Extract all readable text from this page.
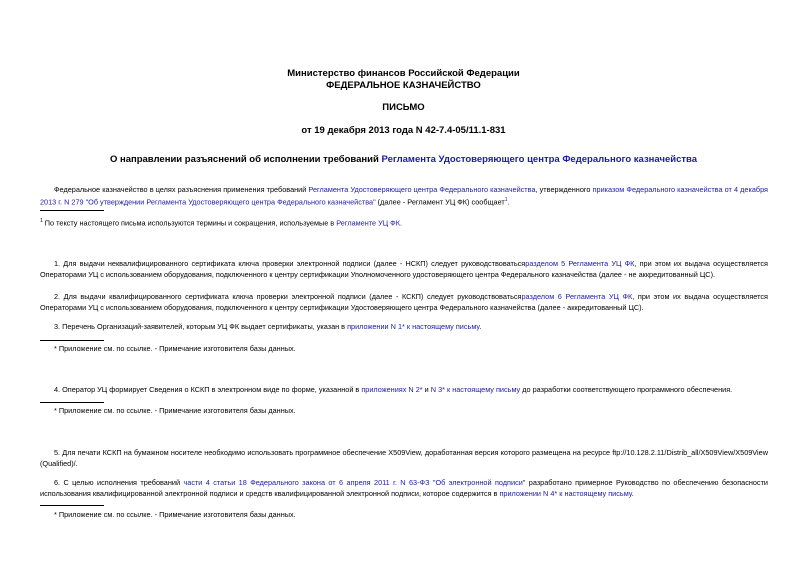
Министерство финансов Российской Федерации
ФЕДЕРАЛЬНОЕ КАЗНАЧЕЙСТВО
ПИСЬМО
от 19 декабря 2013 года N 42-7.4-05/11.1-831
О направлении разъяснений об исполнении требований Регламента Удостоверяющего центра Федерального казначейства
Федеральное казначейство в целях разъяснения применения требований Регламента Удостоверяющего центра Федерального казначейства, утвержденного приказом Федерального казначейства от 4 декабря 2013 г. N 279 "Об утверждении Регламента Удостоверяющего центра Федерального казначейства" (далее - Регламент УЦ ФК) сообщает$^1$.
$^1$ По тексту настоящего письма используются термины и сокращения, используемые в Регламенте УЦ ФК.
1. Для выдачи неквалифицированного сертификата ключа проверки электронной подписи (далее - НСКП) следует руководствоватьсяразделом 5 Регламента УЦ ФК, при этом их выдача осуществляется Операторами УЦ с использованием оборудования, подключенного к центру сертификации Уполномоченного удостоверяющего центра Федерального казначейства (далее - не аккредитованный ЦС).
2. Для выдачи квалифицированного сертификата ключа проверки электронной подписи (далее - КСКП) следует руководствоватьсяразделом 6 Регламента УЦ ФК, при этом их выдача осуществляется Операторами УЦ с использованием оборудования, подключенного к центру сертификации Удостоверяющего центра Федерального казначейства (далее - аккредитованный ЦС).
3. Перечень Организаций-заявителей, которым УЦ ФК выдает сертификаты, указан в приложении N 1* к настоящему письму.
* Приложение см. по ссылке. - Примечание изготовителя базы данных.
4. Оператор УЦ формирует Сведения о КСКП в электронном виде по форме, указанной в приложениях N 2* и N 3* к настоящему письму до разработки соответствующего программного обеспечения.
* Приложение см. по ссылке. - Примечание изготовителя базы данных.
5. Для печати КСКП на бумажном носителе необходимо использовать программное обеспечение X509View, доработанная версия которого размещена на ресурсе ftp://10.128.2.11/Distrib_all/X509View/X509View (Qualified)/.
6. С целью исполнения требований части 4 статьи 18 Федерального закона от 6 апреля 2011 г. N 63-ФЗ "Об электронной подписи" разработано примерное Руководство по обеспечению безопасности использования квалифицированной электронной подписи и средств квалифицированной электронной подписи, которое содержится в приложении N 4* к настоящему письму.
* Приложение см. по ссылке. - Примечание изготовителя базы данных.
